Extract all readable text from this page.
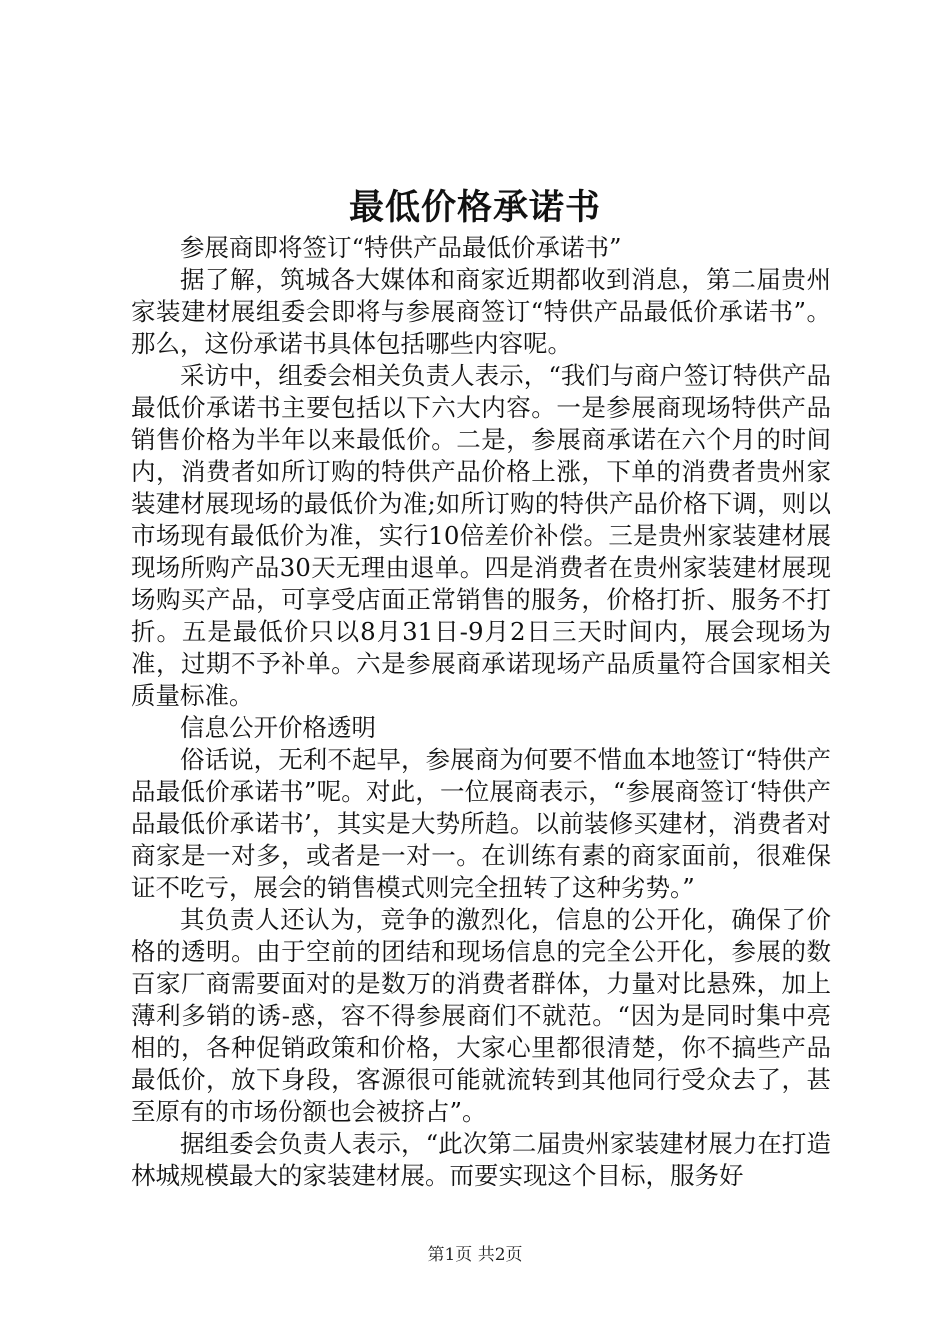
最低价格承诺书

参展商即将签订“特供产品最低价承诺书”

据了解，筑城各大媒体和商家近期都收到消息，第二届贵州家装建材展组委会即将与参展商签订“特供产品最低价承诺书”。那么，这份承诺书具体包括哪些内容呢。

采访中，组委会相关负责人表示，“我们与商户签订特供产品最低价承诺书主要包括以下六大内容。一是参展商现场特供产品销售价格为半年以来最低价。二是，参展商承诺在六个月的时间内，消费者如所订购的特供产品价格上涨，下单的消费者贵州家装建材展现场的最低价为准;如所订购的特供产品价格下调，则以市场现有最低价为准，实行10倍差价补偿。三是贵州家装建材展现场所购产品30天无理由退单。四是消费者在贵州家装建材展现场购买产品，可享受店面正常销售的服务，价格打折、服务不打折。五是最低价只以8月31日-9月2日三天时间内，展会现场为准，过期不予补单。六是参展商承诺现场产品质量符合国家相关质量标准。

信息公开价格透明

俗话说，无利不起早，参展商为何要不惜血本地签订“特供产品最低价承诺书”呢。对此，一位展商表示，“参展商签订‘特供产品最低价承诺书’，其实是大势所趋。以前装修买建材，消费者对商家是一对多，或者是一对一。在训练有素的商家面前，很难保证不吃亏，展会的销售模式则完全扭转了这种劣势。”

其负责人还认为，竞争的激烈化，信息的公开化，确保了价格的透明。由于空前的团结和现场信息的完全公开化，参展的数百家厂商需要面对的是数万的消费者群体，力量对比悬殊，加上薄利多销的诱-惑，容不得参展商们不就范。“因为是同时集中亮相的，各种促销政策和价格，大家心里都很清楚，你不搞些产品最低价，放下身段，客源很可能就流转到其他同行受众去了，甚至原有的市场份额也会被挤占”。

据组委会负责人表示，“此次第二届贵州家装建材展力在打造林城规模最大的家装建材展。而要实现这个目标，服务好

第1页 共2页
